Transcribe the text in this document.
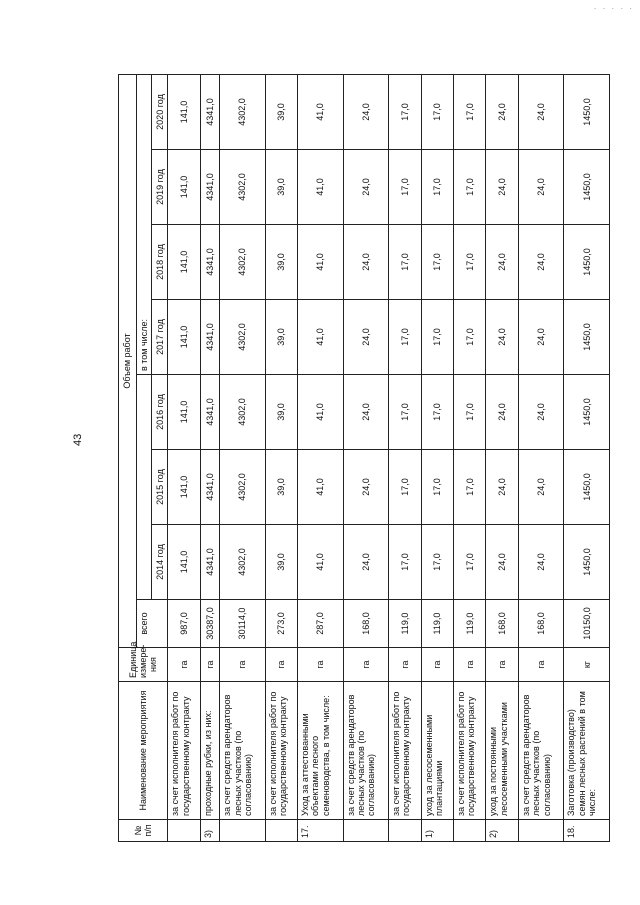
43
· · · · ·
№ п/п	Наименование мероприятия	Единица измере-ния	Объем работ							
			всего				в том числе:			
				2014 год	2015 год	2016 год	2017 год	2018 год	2019 год	2020 год
	за счет исполнителя работ по государственному контракту	га	987,0	141,0	141,0	141,0	141,0	141,0	141,0	141,0
3)	проходные рубки, из них:	га	30387,0	4341,0	4341,0	4341,0	4341,0	4341,0	4341,0	4341,0
	за счет средств арендаторов лесных участков (по согласованию)	га	30114,0	4302,0	4302,0	4302,0	4302,0	4302,0	4302,0	4302,0
	за счет исполнителя работ по государственному контракту	га	273,0	39,0	39,0	39,0	39,0	39,0	39,0	39,0
17.	Уход за аттестованными объектами лесного семеноводства, в том числе:	га	287,0	41,0	41,0	41,0	41,0	41,0	41,0	41,0
	за счет средств арендаторов лесных участков (по согласованию)	га	168,0	24,0	24,0	24,0	24,0	24,0	24,0	24,0
	за счет исполнителя работ по государственному контракту	га	119,0	17,0	17,0	17,0	17,0	17,0	17,0	17,0
1)	уход за лесосеменными плантациями	га	119,0	17,0	17,0	17,0	17,0	17,0	17,0	17,0
	за счет исполнителя работ по государственному контракту	га	119,0	17,0	17,0	17,0	17,0	17,0	17,0	17,0
2)	уход за постоянными лесосеменными участками	га	168,0	24,0	24,0	24,0	24,0	24,0	24,0	24,0
	за счет средств арендаторов лесных участков (по согласованию)	га	168,0	24,0	24,0	24,0	24,0	24,0	24,0	24,0
18.	Заготовка (производство) семян лесных растений в том числе:	кг	10150,0	1450,0	1450,0	1450,0	1450,0	1450,0	1450,0	1450,0
